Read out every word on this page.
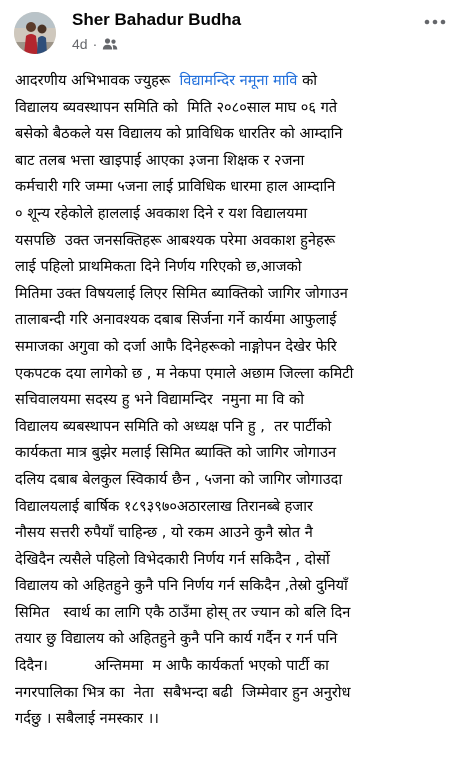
Sher Bahadur Budha
4d ·
आदरणीय अभिभावक ज्युहरू  विद्यामन्दिर नमूना मावि को
विद्यालय ब्यवस्थापन समिति को  मिति २०८०साल माघ ०६ गते
बसेको बैठकले यस विद्यालय को प्राविधिक धारतिर को आम्दानि
बाट तलब भत्ता खाइपाई आएका ३जना शिक्षक र २जना
कर्मचारी गरि जम्मा ५जना लाई प्राविधिक धारमा हाल आम्दानि
० शून्य रहेकोले हाललाई अवकाश दिने र यश विद्यालयमा
यसपछि  उक्त जनसक्तिहरू आबश्यक परेमा अवकाश हुनेहरू
लाई पहिलो प्राथमिकता दिने निर्णय गरिएको छ,आजको
मितिमा उक्त विषयलाई लिएर सिमित ब्याक्तिको जागिर जोगाउन
तालाबन्दी गरि अनावश्यक दबाब सिर्जना गर्ने कार्यमा आफुलाई
समाजका अगुवा को दर्जा आफै दिनेहरूको नाङ्गोपन देखेर फेरि
एकपटक दया लागेको छ , म नेकपा एमाले अछाम जिल्ला कमिटी
सचिवालयमा सदस्य हु भने विद्यामन्दिर  नमुना मा वि को
विद्यालय ब्यबस्थापन समिति को अध्यक्ष पनि हु ,  तर पार्टीको
कार्यकता मात्र बुझेर मलाई सिमित ब्याक्ति को जागिर जोगाउन
दलिय दबाब बेलकुल स्विकार्य छैन , ५जना को जागिर जोगाउदा
विद्यालयलाई बार्षिक १८९३९७०अठारलाख तिरानब्बे हजार
नौसय सत्तरी रुपैयाँ चाहिन्छ , यो रकम आउने कुनै स्रोत नै
देखिदैन त्यसैले पहिलो विभेदकारी निर्णय गर्न सकिदैन , दोर्सो
विद्यालय को अहितहुने कुनै पनि निर्णय गर्न सकिदैन ,तेस्रो दुनियाँ
सिमित   स्वार्थ का लागि एकै ठाउँमा होस् तर ज्यान को बलि दिन
तयार छु विद्यालय को अहितहुने कुनै पनि कार्य गर्दैन र गर्न पनि
दिदैन।          अन्तिममा  म आफै कार्यकर्ता भएको पार्टी का
नगरपालिका भित्र का  नेता  सबैभन्दा बढी  जिम्मेवार हुन अनुरोध
गर्दछु । सबैलाई नमस्कार ।।
